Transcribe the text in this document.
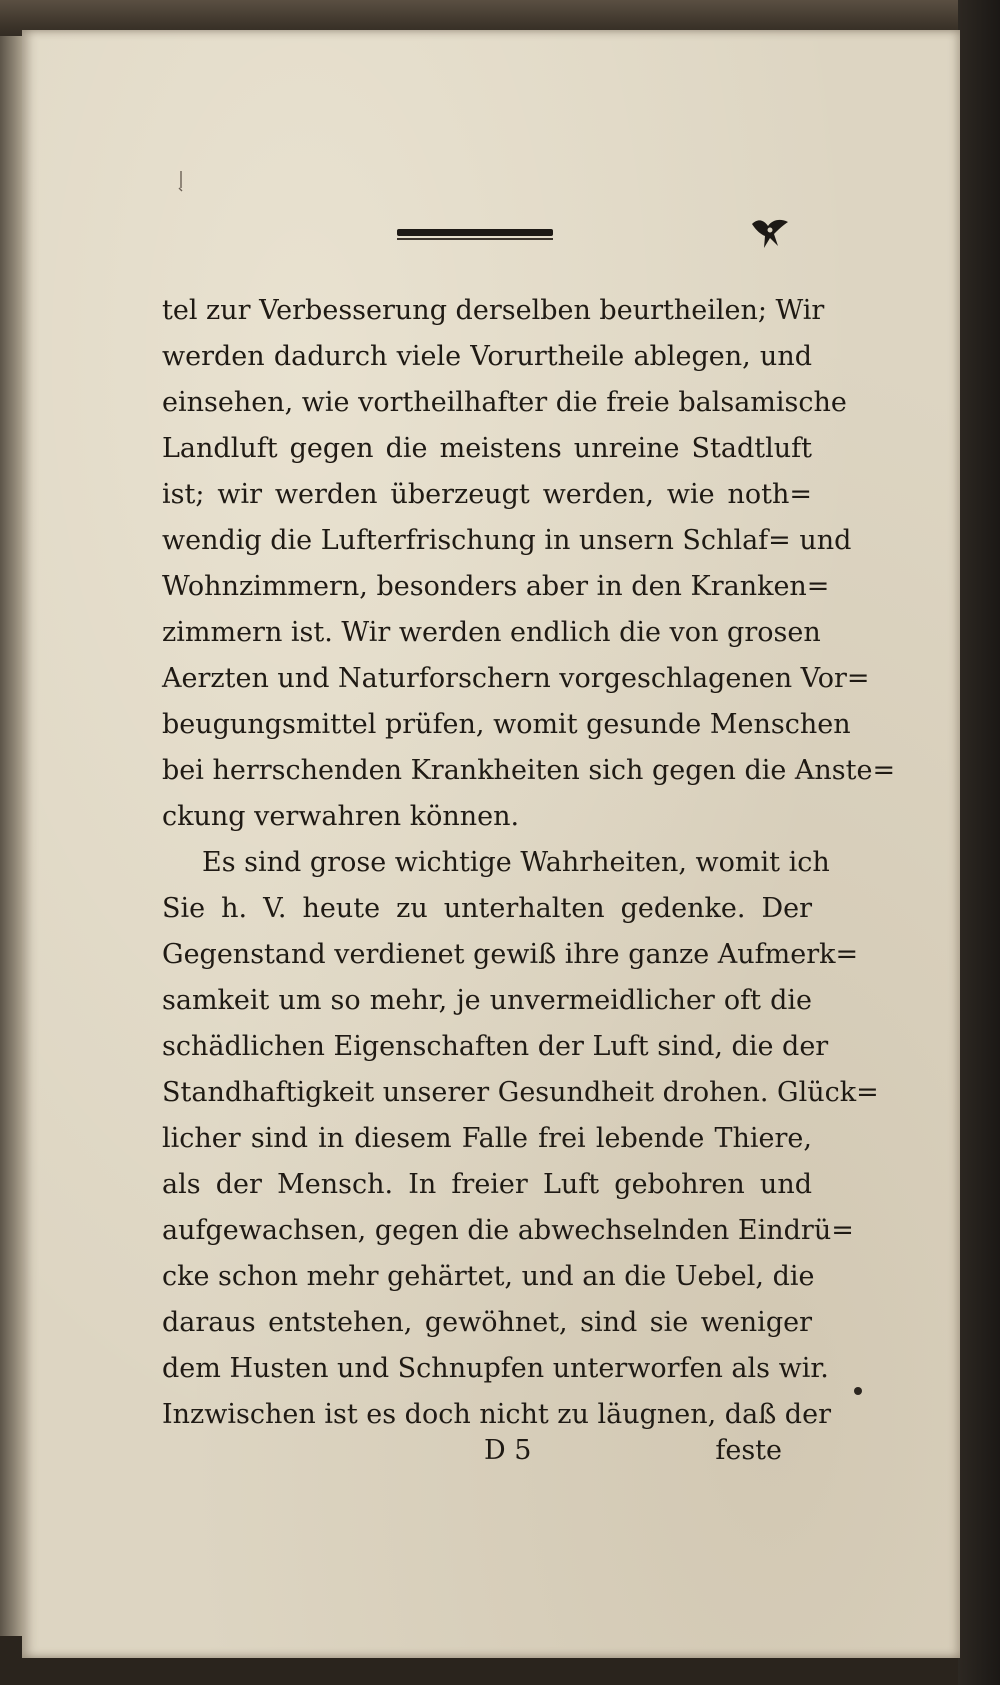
tel zur Verbesserung derselben beurtheilen; Wir
werden dadurch viele Vorurtheile ablegen, und
einsehen, wie vortheilhafter die freie balsamische
Landluft gegen die meistens unreine Stadtluft
ist; wir werden überzeugt werden, wie noth=
wendig die Lufterfrischung in unsern Schlaf= und
Wohnzimmern, besonders aber in den Kranken=
zimmern ist. Wir werden endlich die von grosen
Aerzten und Naturforschern vorgeschlagenen Vor=
beugungsmittel prüfen, womit gesunde Menschen
bei herrschenden Krankheiten sich gegen die Anste=
ckung verwahren können.
Es sind grose wichtige Wahrheiten, womit ich
Sie h. V. heute zu unterhalten gedenke. Der
Gegenstand verdienet gewiß ihre ganze Aufmerk=
samkeit um so mehr, je unvermeidlicher oft die
schädlichen Eigenschaften der Luft sind, die der
Standhaftigkeit unserer Gesundheit drohen. Glück=
licher sind in diesem Falle frei lebende Thiere,
als der Mensch. In freier Luft gebohren und
aufgewachsen, gegen die abwechselnden Eindrü=
cke schon mehr gehärtet, und an die Uebel, die
daraus entstehen, gewöhnet, sind sie weniger
dem Husten und Schnupfen unterworfen als wir.
Inzwischen ist es doch nicht zu läugnen, daß der
D 5	feste
